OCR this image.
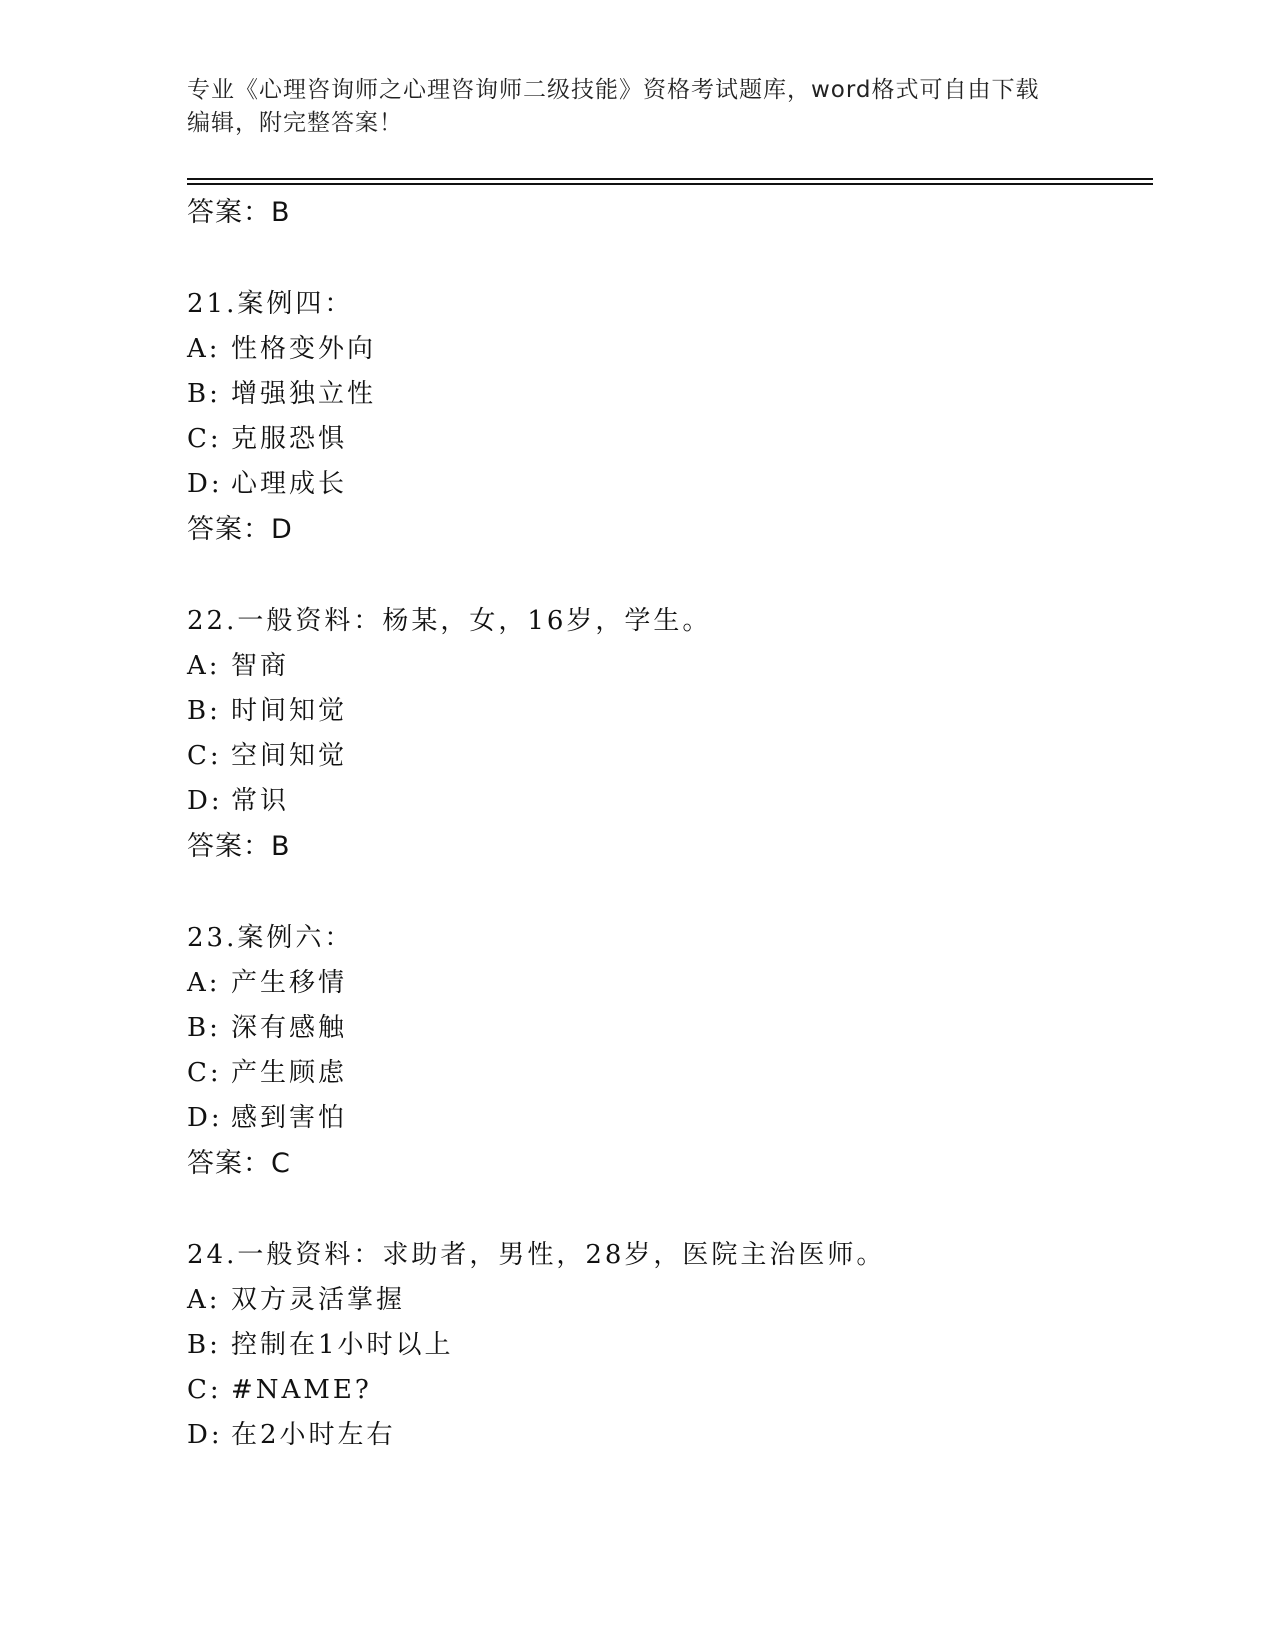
专业《心理咨询师之心理咨询师二级技能》资格考试题库，word格式可自由下载
编辑，附完整答案！
答案：B
21.案例四：
A: 性格变外向
B: 增强独立性
C: 克服恐惧
D: 心理成长
答案：D
22.一般资料：杨某，女，16岁，学生。
A: 智商
B: 时间知觉
C: 空间知觉
D: 常识
答案：B
23.案例六：
A: 产生移情
B: 深有感触
C: 产生顾虑
D: 感到害怕
答案：C
24.一般资料：求助者，男性，28岁，医院主治医师。
A: 双方灵活掌握
B: 控制在1小时以上
C: #NAME?
D: 在2小时左右
